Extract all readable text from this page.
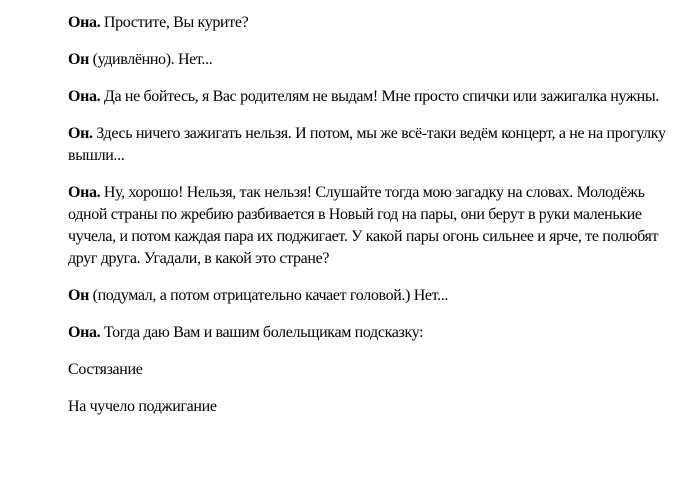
Она. Простите, Вы курите?

Он (удивлённо). Нет...

Она. Да не бойтесь, я Вас родителям не выдам! Мне просто спички или зажигалка нужны.

Он. Здесь ничего зажигать нельзя. И потом, мы же всё-таки ведём концерт, а не на прогулку вышли...

Она. Ну, хорошо! Нельзя, так нельзя! Слушайте тогда мою загадку на словах. Молодёжь одной страны по жребию разбивается в Новый год на пары, они берут в руки маленькие чучела, и потом каждая пара их поджигает. У какой пары огонь сильнее и ярче, те полюбят друг друга. Угадали, в какой это стране?

Он (подумал, а потом отрицательно качает головой.) Нет...

Она. Тогда даю Вам и вашим болельщикам подсказку:

Состязание

На чучело поджигание
